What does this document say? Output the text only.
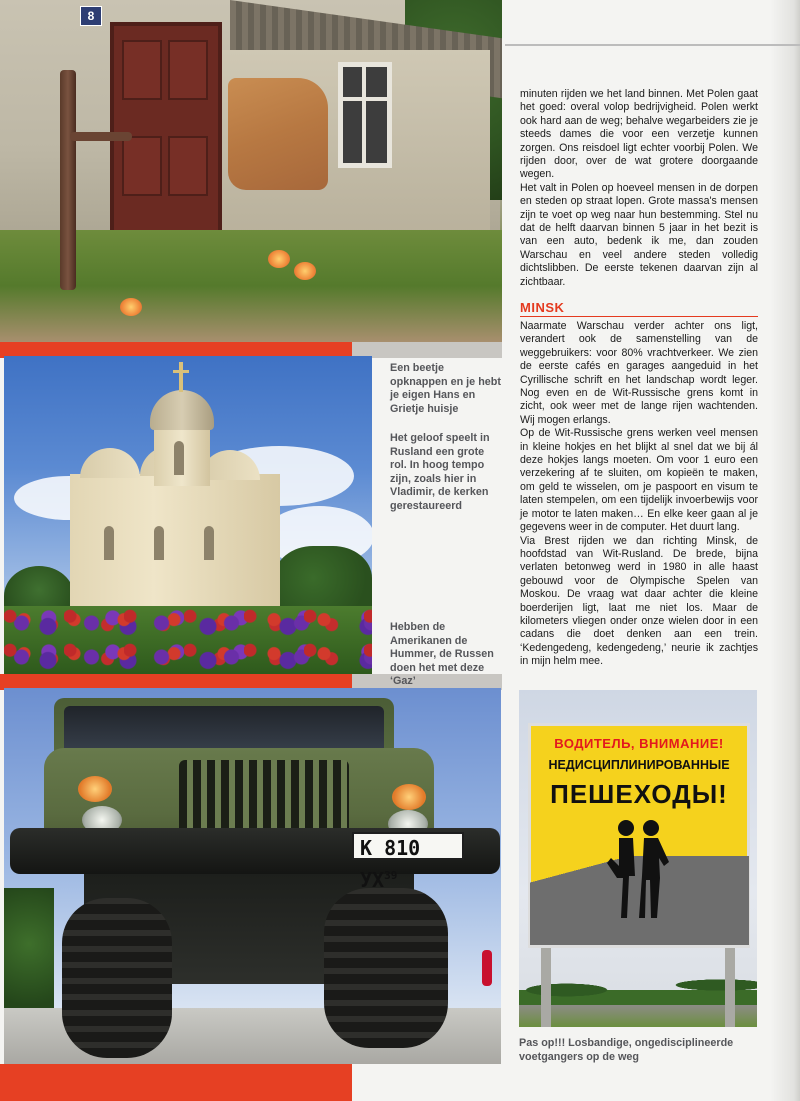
8
К 810 УХ$^{39}$

minuten rijden we het land binnen. Met Polen gaat het goed: overal volop bedrijvigheid. Polen werkt ook hard aan de weg; behalve wegarbeiders zie je steeds dames die voor een verzetje kunnen zorgen. Ons reisdoel ligt echter voorbij Polen. We rijden door, over de wat grotere doorgaande wegen.

Het valt in Polen op hoeveel mensen in de dorpen en steden op straat lopen. Grote massa's mensen zijn te voet op weg naar hun bestemming. Stel nu dat de helft daarvan binnen 5 jaar in het bezit is van een auto, bedenk ik me, dan zouden Warschau en veel andere steden volledig dichtslibben. De eerste tekenen daarvan zijn al zichtbaar.

MINSK

Naarmate Warschau verder achter ons ligt, verandert ook de samenstelling van de weggebruikers: voor 80% vrachtverkeer. We zien de eerste cafés en garages aangeduid in het Cyrillische schrift en het landschap wordt leger. Nog even en de Wit-Russische grens komt in zicht, ook weer met de lange rijen wachtenden. Wij mogen erlangs.

Op de Wit-Russische grens werken veel mensen in kleine hokjes en het blijkt al snel dat we bij ál deze hokjes langs moeten. Om voor 1 euro een verzekering af te sluiten, om kopieën te maken, om geld te wisselen, om je paspoort en visum te laten stempelen, om een tijdelijk invoerbewijs voor je motor te laten maken… En elke keer gaan al je gegevens weer in de computer. Het duurt lang.

Via Brest rijden we dan richting Minsk, de hoofdstad van Wit-Rusland. De brede, bijna verlaten betonweg werd in 1980 in alle haast gebouwd voor de Olympische Spelen van Moskou. De vraag wat daar achter die kleine boerderijen ligt, laat me niet los. Maar de kilometers vliegen onder onze wielen door in een cadans die doet denken aan een trein. ‘Kedengedeng, kedengedeng,’ neurie ik zachtjes in mijn helm mee.

Een beetje opknappen en je hebt je eigen Hans en Grietje huisje
Het geloof speelt in Rusland een grote rol. In hoog tempo zijn, zoals hier in Vladimir, de kerken gerestaureerd
Hebben de Amerikanen de Hummer, de Russen doen het met deze ‘Gaz’
ВОДИТЕЛЬ, ВНИМАНИЕ!
НЕДИСЦИПЛИНИРОВАННЫЕ
ПЕШЕХОДЫ!
Pas op!!! Losbandige, ongedisciplineerde voetgangers op de weg
